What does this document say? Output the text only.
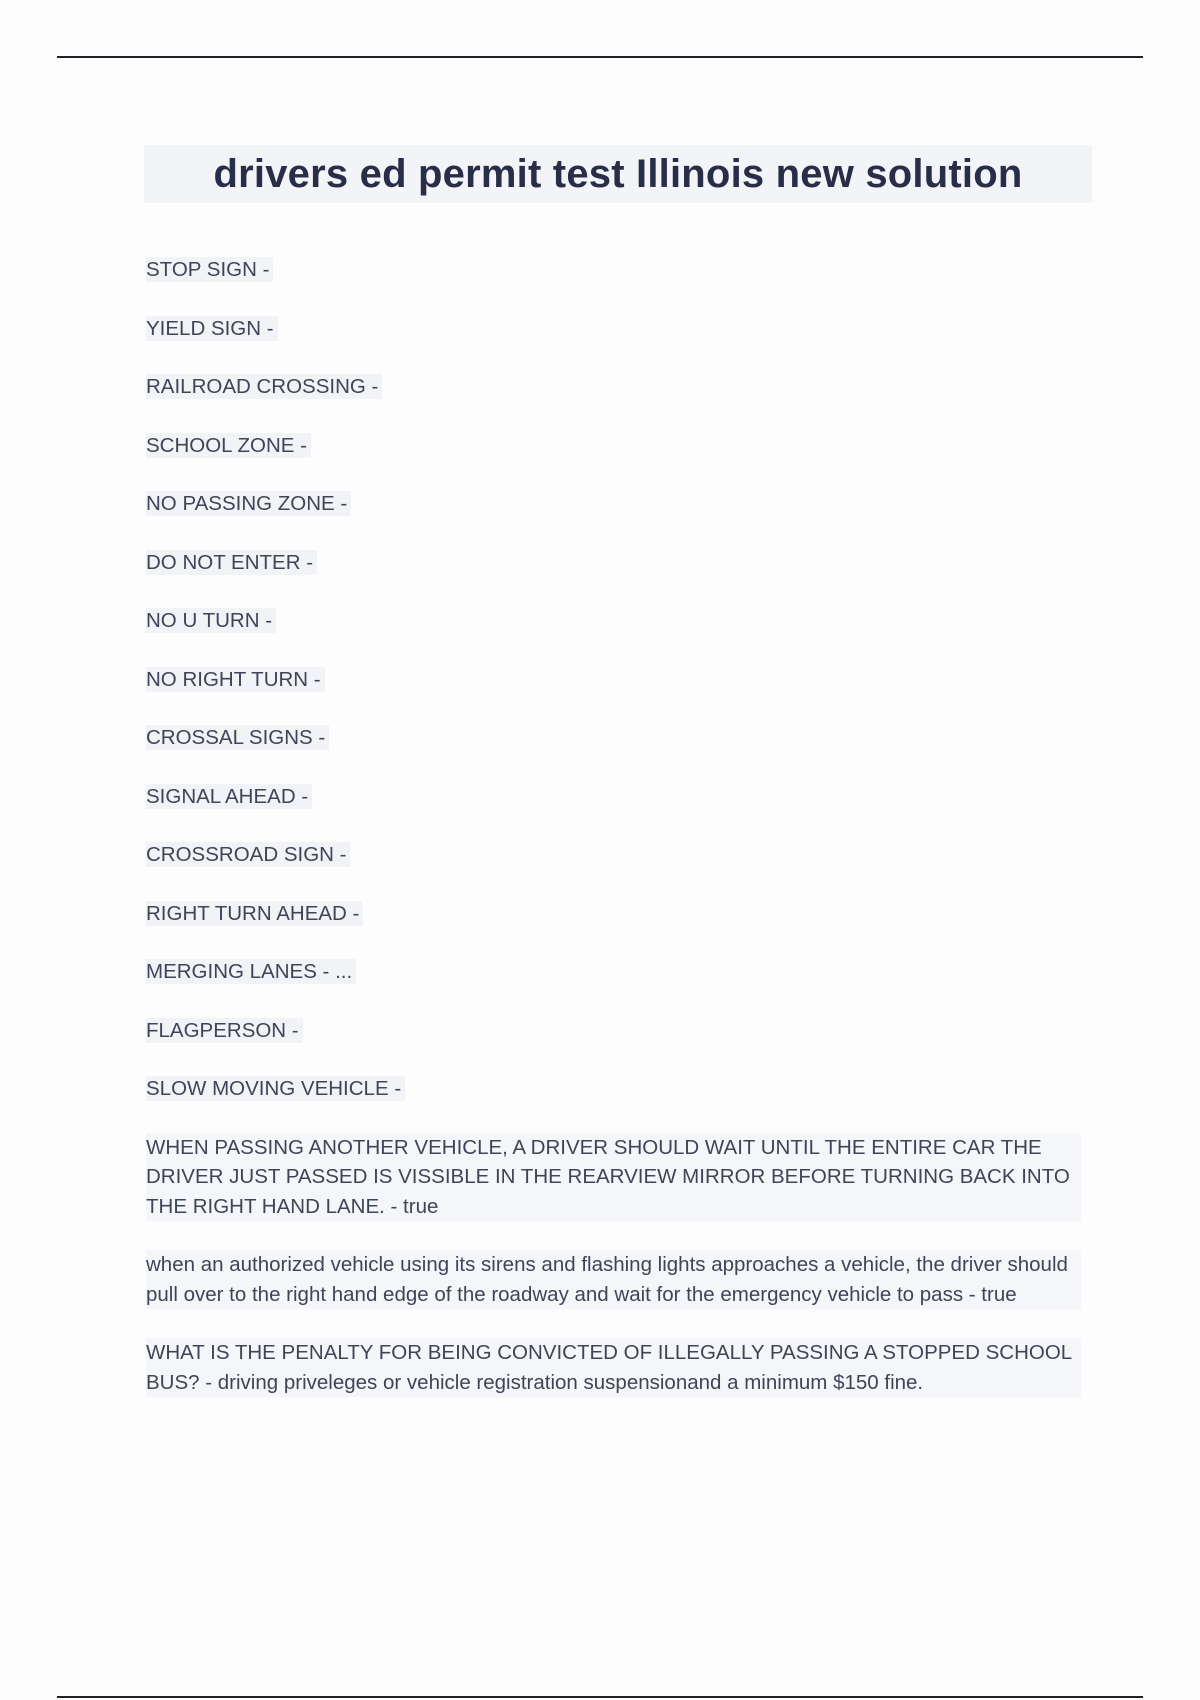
drivers ed permit test Illinois new solution
STOP SIGN -
YIELD SIGN -
RAILROAD CROSSING -
SCHOOL ZONE -
NO PASSING ZONE -
DO NOT ENTER -
NO U TURN -
NO RIGHT TURN -
CROSSAL SIGNS -
SIGNAL AHEAD -
CROSSROAD SIGN -
RIGHT TURN AHEAD -
MERGING LANES - ...
FLAGPERSON -
SLOW MOVING VEHICLE -
WHEN PASSING ANOTHER VEHICLE, A DRIVER SHOULD WAIT UNTIL THE ENTIRE CAR THE DRIVER JUST PASSED IS VISSIBLE IN THE REARVIEW MIRROR BEFORE TURNING BACK INTO THE RIGHT HAND LANE. - true
when an authorized vehicle using its sirens and flashing lights approaches a vehicle, the driver should pull over to the right hand edge of the roadway and wait for the emergency vehicle to pass - true
WHAT IS THE PENALTY FOR BEING CONVICTED OF ILLEGALLY PASSING A STOPPED SCHOOL BUS? - driving priveleges or vehicle registration suspensionand a minimum $150 fine.
